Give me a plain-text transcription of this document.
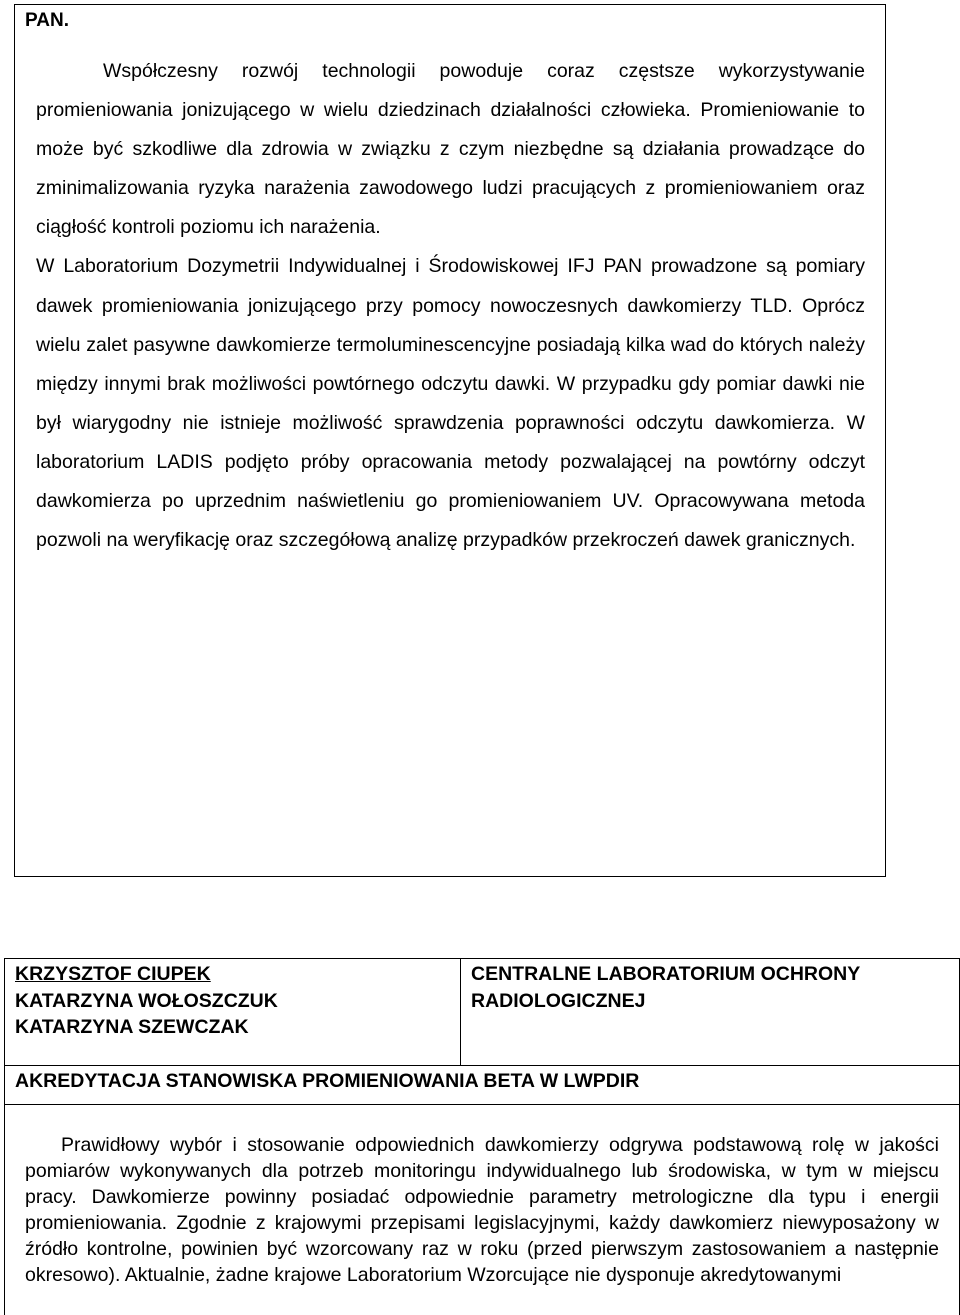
PAN.

Współczesny rozwój technologii powoduje coraz częstsze wykorzystywanie promieniowania jonizującego w wielu dziedzinach działalności człowieka. Promieniowanie to może być szkodliwe dla zdrowia w związku z czym niezbędne są działania prowadzące do zminimalizowania ryzyka narażenia zawodowego ludzi pracujących z promieniowaniem oraz ciągłość kontroli poziomu ich narażenia.

W Laboratorium Dozymetrii Indywidualnej i Środowiskowej IFJ PAN prowadzone są pomiary dawek promieniowania jonizującego przy pomocy nowoczesnych dawkomierzy TLD. Oprócz wielu zalet pasywne dawkomierze termoluminescencyjne posiadają kilka wad do których należy między innymi brak możliwości powtórnego odczytu dawki. W przypadku gdy pomiar dawki nie był wiarygodny nie istnieje możliwość sprawdzenia poprawności odczytu dawkomierza. W laboratorium LADIS podjęto próby opracowania metody pozwalającej na powtórny odczyt dawkomierza po uprzednim naświetleniu go promieniowaniem UV. Opracowywana metoda pozwoli na weryfikację oraz szczegółową analizę przypadków przekroczeń dawek granicznych.

KRZYSZTOF CIUPEK
KATARZYNA WOŁOSZCZUK
KATARZYNA SZEWCZAK
CENTRALNE LABORATORIUM OCHRONY RADIOLOGICZNEJ
AKREDYTACJA STANOWISKA PROMIENIOWANIA BETA W LWPDIR

Prawidłowy wybór i stosowanie odpowiednich dawkomierzy odgrywa podstawową rolę w jakości pomiarów wykonywanych dla potrzeb monitoringu indywidualnego lub środowiska, w tym w miejscu pracy. Dawkomierze powinny posiadać odpowiednie parametry metrologiczne dla typu i energii promieniowania. Zgodnie z krajowymi przepisami legislacyjnymi, każdy dawkomierz niewyposażony w źródło kontrolne, powinien być wzorcowany raz w roku (przed pierwszym zastosowaniem a następnie okresowo). Aktualnie, żadne krajowe Laboratorium Wzorcujące nie dysponuje akredytowanymi
